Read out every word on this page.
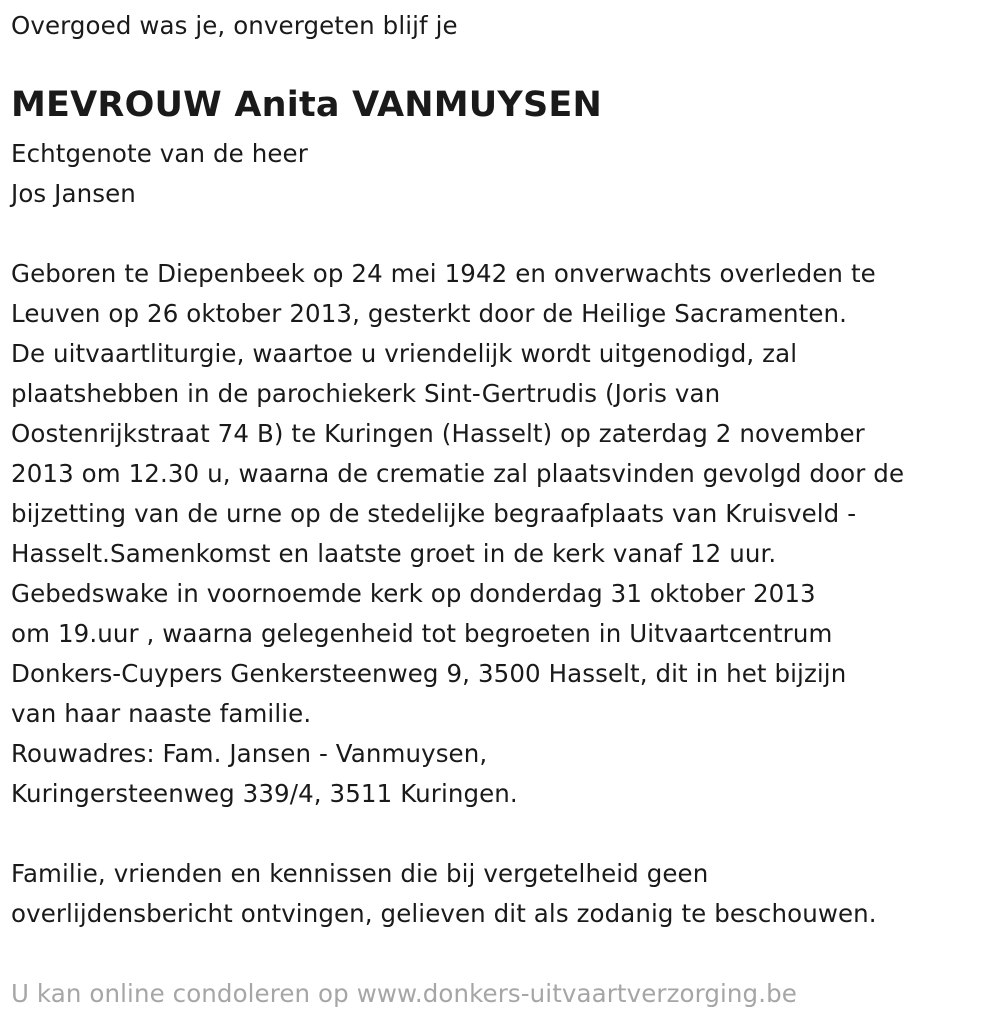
Overgoed was je, onvergeten blijf je
MEVROUW Anita VANMUYSEN
Echtgenote van de heer
Jos Jansen
Geboren te Diepenbeek op 24 mei 1942 en onverwachts overleden te
Leuven op 26 oktober 2013, gesterkt door de Heilige Sacramenten.
De uitvaartliturgie, waartoe u vriendelijk wordt uitgenodigd, zal
plaatshebben in de parochiekerk Sint-Gertrudis (Joris van
Oostenrijkstraat 74 B) te Kuringen (Hasselt) op zaterdag 2 november
2013 om 12.30 u, waarna de crematie zal plaatsvinden gevolgd door de
bijzetting van de urne op de stedelijke begraafplaats van Kruisveld -
Hasselt.Samenkomst en laatste groet in de kerk vanaf 12 uur.
Gebedswake in voornoemde kerk op donderdag 31 oktober 2013
om 19.uur , waarna gelegenheid tot begroeten in Uitvaartcentrum
Donkers-Cuypers Genkersteenweg 9, 3500 Hasselt, dit in het bijzijn
van haar naaste familie.
Rouwadres: Fam. Jansen - Vanmuysen,
Kuringersteenweg 339/4, 3511 Kuringen.
Familie, vrienden en kennissen die bij vergetelheid geen
overlijdensbericht ontvingen, gelieven dit als zodanig te beschouwen.
U kan online condoleren op www.donkers-uitvaartverzorging.be
